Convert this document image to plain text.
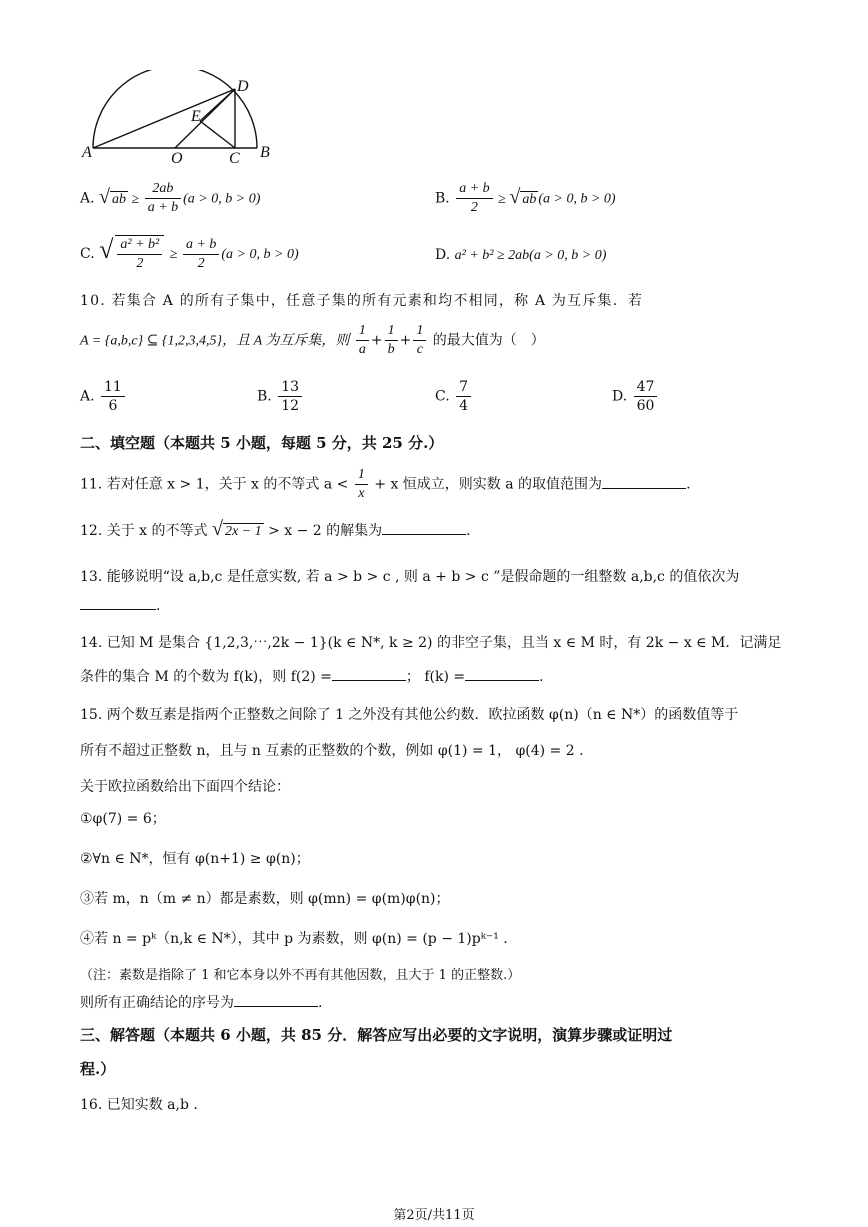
A	O	C B
D
E
A. √ ab ≥ $\frac{2ab}{a + b} (a > 0$, b > 0)	B. $\frac{a + b}{2}$ ≥ √ ab (a > 0, b > 0)
C. √ $\frac{\text{a² + b²}}{2} \ge \frac{a + b}{2} (a > 0$, b > 0)	D. a² + b² ≥ 2ab(a > 0, b > 0)
10. 若集合 A 的所有子集中，任意子集的所有元素和均不相同，称 A 为互斥集．若
A = {a,b,c} ⊆ {1,2,3,4,5}，且 A 为互斥集，则 $\frac{1}{a} + \frac{1}{b} + \frac{1}{c}$ 的最大值为（　）
A. $\frac{11}{6}$	B. $\frac{13}{12}$	C. $\frac{7}{4}$	D. $\frac{47}{60}$
二、填空题（本题共 5 小题，每题 5 分，共 25 分.）
11. 若对任意 x > 1，关于 x 的不等式 $a < \frac{1}{x} + x$ 恒成立，则实数 a 的取值范围为	.
12. 关于 x 的不等式 √ 2x − 1 > x − 2 的解集为	.
13. 能够说明“设 a,b,c 是任意实数, 若 a > b > c , 则 a + b > c ”是假命题的一组整数 a,b,c 的值依次为
.
14. 已知 M 是集合 {1,2,3,⋯,2k − 1}(k ∈ N*, k ≥ 2) 的非空子集，且当 x ∈ M 时，有 2k − x ∈ M．记满足
条件的集合 M 的个数为 f(k)，则 f(2) =	； f(k) =	.
15. 两个数互素是指两个正整数之间除了 1 之外没有其他公约数．欧拉函数 φ(n)（n ∈ N*）的函数值等于
所有不超过正整数 n，且与 n 互素的正整数的个数，例如 φ(1) = 1， φ(4) = 2 .
关于欧拉函数给出下面四个结论：
①φ(7) = 6；
②∀n ∈ N*，恒有 φ(n+1) ≥ φ(n)；
③若 m，n（m ≠ n）都是素数，则 φ(mn) = φ(m)φ(n)；
④若 n = pᵏ（n,k ∈ N*），其中 p 为素数，则 φ(n) = (p − 1)pᵏ⁻¹ .
（注：素数是指除了 1 和它本身以外不再有其他因数，且大于 1 的正整数.）
则所有正确结论的序号为	.
三、解答题（本题共 6 小题，共 85 分．解答应写出必要的文字说明，演算步骤或证明过
程.）
16. 已知实数 a,b .
第2页/共11页
